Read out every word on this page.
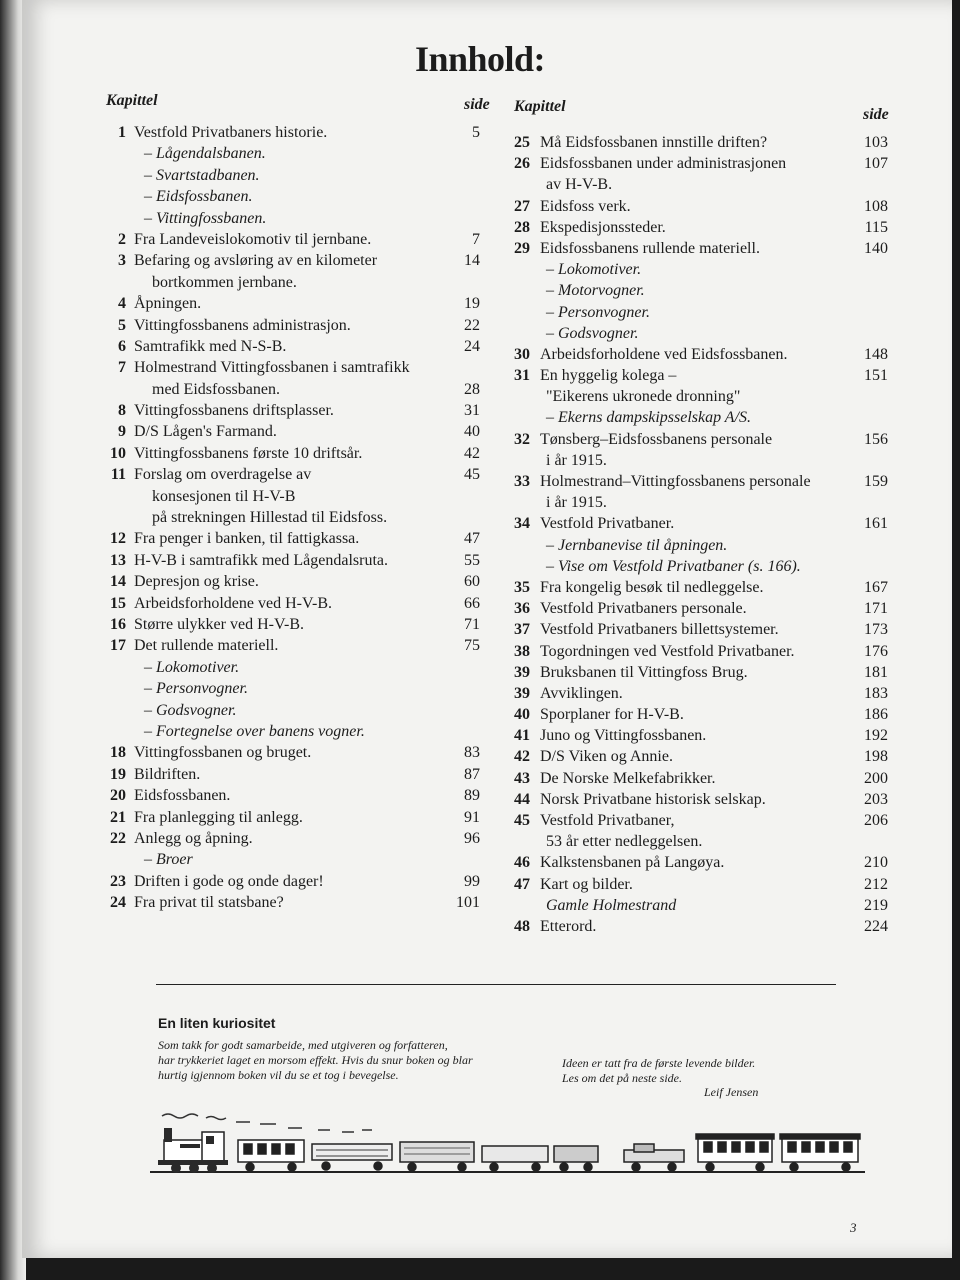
Innhold:
Kapittel	side Kapittel	side
1 Vestfold Privatbaners historie.	5
– Lågendalsbanen.
– Svartstadbanen.
– Eidsfossbanen.
– Vittingfossbanen.
2 Fra Landeveislokomotiv til jernbane.	7
3 Befaring og avsløring av en kilometer	14
bortkommen jernbane.
4 Åpningen.	19
5 Vittingfossbanens administrasjon.	22
6 Samtrafikk med N-S-B.	24
7 Holmestrand Vittingfossbanen i samtrafikk
med Eidsfossbanen.	28
8 Vittingfossbanens driftsplasser.	31
9 D/S Lågen's Farmand.	40
10 Vittingfossbanens første 10 driftsår.	42
11 Forslag om overdragelse av	45
konsesjonen til H-V-B
på strekningen Hillestad til Eidsfoss.
12 Fra penger i banken, til fattigkassa.	47
13 H-V-B i samtrafikk med Lågendalsruta.	55
14 Depresjon og krise.	60
15 Arbeidsforholdene ved H-V-B.	66
16 Større ulykker ved H-V-B.	71
17 Det rullende materiell.	75
– Lokomotiver.
– Personvogner.
– Godsvogner.
– Fortegnelse over banens vogner.
18 Vittingfossbanen og bruget.	83
19 Bildriften.	87
20 Eidsfossbanen.	89
21 Fra planlegging til anlegg.	91
22 Anlegg og åpning.	96
– Broer
23 Driften i gode og onde dager!	99
24 Fra privat til statsbane?	101
25 Må Eidsfossbanen innstille driften?	103
26 Eidsfossbanen under administrasjonen	107
av H-V-B.
27 Eidsfoss verk.	108
28 Ekspedisjonssteder.	115
29 Eidsfossbanens rullende materiell.	140
– Lokomotiver.
– Motorvogner.
– Personvogner.
– Godsvogner.
30 Arbeidsforholdene ved Eidsfossbanen.	148
31 En hyggelig kolega –	151
"Eikerens ukronede dronning"
– Ekerns dampskipsselskap A/S.
32 Tønsberg–Eidsfossbanens personale	156
i år 1915.
33 Holmestrand–Vittingfossbanens personale	159
i år 1915.
34 Vestfold Privatbaner.	161
– Jernbanevise til åpningen.
– Vise om Vestfold Privatbaner (s. 166).
35 Fra kongelig besøk til nedleggelse.	167
36 Vestfold Privatbaners personale.	171
37 Vestfold Privatbaners billettsystemer.	173
38 Togordningen ved Vestfold Privatbaner.	176
39 Bruksbanen til Vittingfoss Brug.	181
39 Avviklingen.	183
40 Sporplaner for H-V-B.	186
41 Juno og Vittingfossbanen.	192
42 D/S Viken og Annie.	198
43 De Norske Melkefabrikker.	200
44 Norsk Privatbane historisk selskap.	203
45 Vestfold Privatbaner,	206
53 år etter nedleggelsen.
46 Kalkstensbanen på Langøya.	210
47 Kart og bilder.	212
Gamle Holmestrand	219
48 Etterord.	224
En liten kuriositet
Som takk for godt samarbeide, med utgiveren og forfatteren,
har trykkeriet laget en morsom effekt. Hvis du snur boken og blar
hurtig igjennom boken vil du se et tog i bevegelse.
Ideen er tatt fra de første levende bilder.
Les om det på neste side.
Leif Jensen
3
